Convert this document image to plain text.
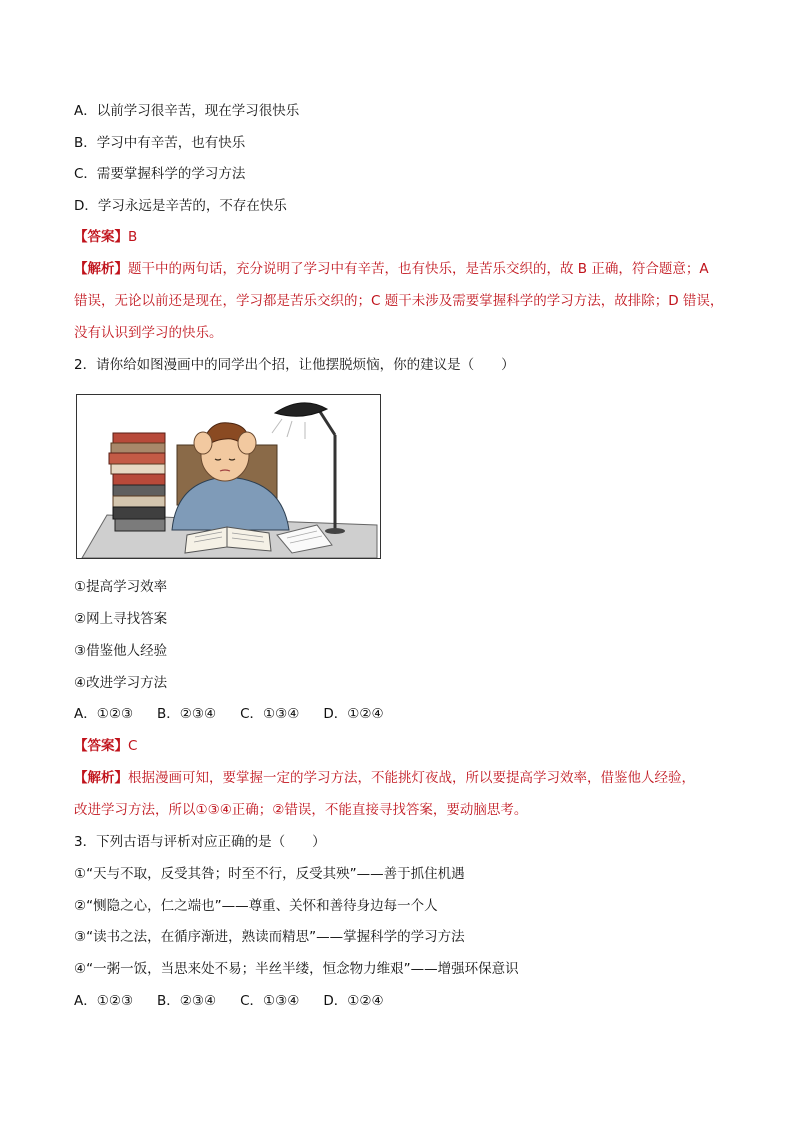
A．以前学习很辛苦，现在学习很快乐
B．学习中有辛苦，也有快乐
C．需要掌握科学的学习方法
D．学习永远是辛苦的，不存在快乐
【答案】B
【解析】题干中的两句话，充分说明了学习中有辛苦，也有快乐，是苦乐交织的，故 B 正确，符合题意；A
错误，无论以前还是现在，学习都是苦乐交织的；C 题干未涉及需要掌握科学的学习方法，故排除；D 错误，
没有认识到学习的快乐。
2．请你给如图漫画中的同学出个招，让他摆脱烦恼，你的建议是（　　）
①提高学习效率
②网上寻找答案
③借鉴他人经验
④改进学习方法
A．①②③ B．②③④ C．①③④ D．①②④
【答案】C
【解析】根据漫画可知，要掌握一定的学习方法，不能挑灯夜战，所以要提高学习效率，借鉴他人经验，
改进学习方法，所以①③④正确；②错误，不能直接寻找答案，要动脑思考。
3．下列古语与评析对应正确的是（　　）
①“天与不取，反受其咎；时至不行，反受其殃”——善于抓住机遇
②“恻隐之心，仁之端也”——尊重、关怀和善待身边每一个人
③“读书之法，在循序渐进，熟读而精思”——掌握科学的学习方法
④“一粥一饭，当思来处不易；半丝半缕，恒念物力维艰”——增强环保意识
A．①②③ B．②③④ C．①③④ D．①②④
